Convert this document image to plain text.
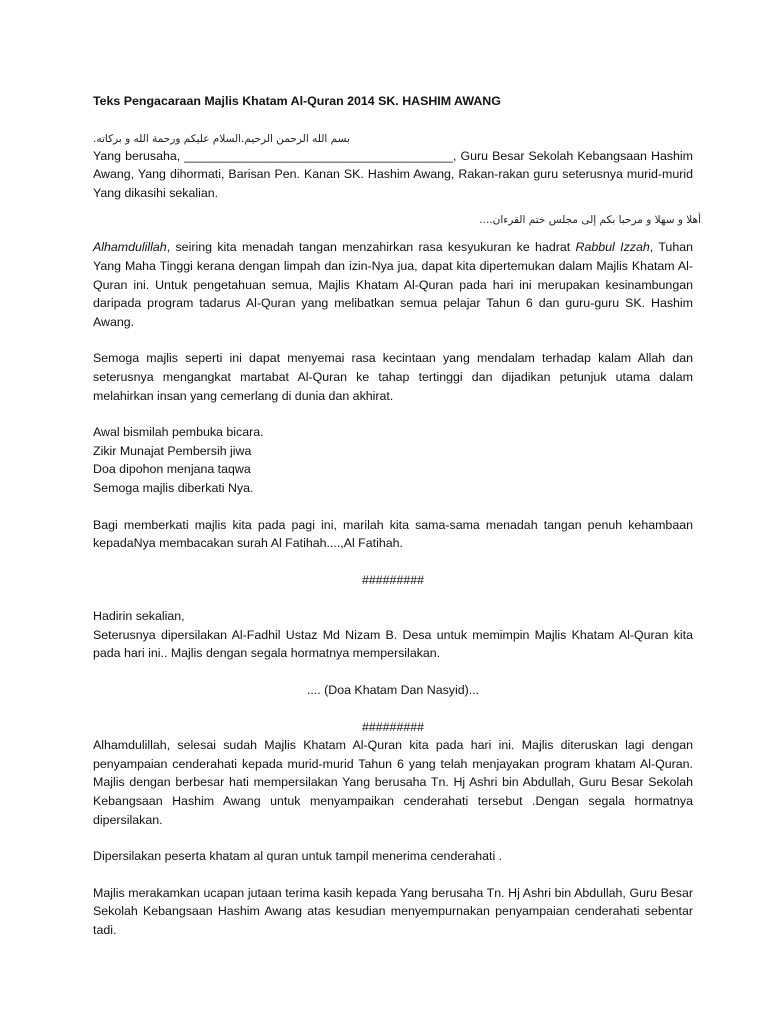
Teks Pengacaraan Majlis Khatam Al-Quran 2014 SK. HASHIM AWANG

بسم الله الرحمن الرحيم.السلام عليكم ورحمة الله و بركاته.

Yang berusaha, _______________________________________, Guru Besar Sekolah Kebangsaan Hashim Awang, Yang dihormati, Barisan Pen. Kanan SK. Hashim Awang, Rakan-rakan guru seterusnya murid-murid Yang dikasihi sekalian.

أهلا و سهلا و مرحبا بكم إلى مجلس ختم القرءان....

Alhamdulillah, seiring kita menadah tangan menzahirkan rasa kesyukuran ke hadrat Rabbul Izzah, Tuhan Yang Maha Tinggi kerana dengan limpah dan izin-Nya jua, dapat kita dipertemukan dalam Majlis Khatam Al-Quran ini. Untuk pengetahuan semua, Majlis Khatam Al-Quran pada hari ini merupakan kesinambungan daripada program tadarus Al-Quran yang melibatkan semua pelajar Tahun 6 dan guru-guru SK. Hashim Awang.

Semoga majlis seperti ini dapat menyemai rasa kecintaan yang mendalam terhadap kalam Allah dan seterusnya mengangkat martabat Al-Quran ke tahap tertinggi dan dijadikan petunjuk utama dalam melahirkan insan yang cemerlang di dunia dan akhirat.

Awal bismilah pembuka bicara.

Zikir Munajat Pembersih jiwa

Doa dipohon menjana taqwa

Semoga majlis diberkati Nya.

Bagi memberkati majlis kita pada pagi ini, marilah kita sama-sama menadah tangan penuh kehambaan kepadaNya membacakan surah Al Fatihah....,Al Fatihah.

#########

Hadirin sekalian,

Seterusnya dipersilakan Al-Fadhil Ustaz Md Nizam B. Desa untuk memimpin Majlis Khatam Al-Quran kita pada hari ini.. Majlis dengan segala hormatnya mempersilakan.

.... (Doa Khatam Dan Nasyid)...

#########

Alhamdulillah, selesai sudah Majlis Khatam Al-Quran kita pada hari ini. Majlis diteruskan lagi dengan penyampaian cenderahati kepada murid-murid Tahun 6 yang telah menjayakan program khatam Al-Quran. Majlis dengan berbesar hati mempersilakan Yang berusaha Tn. Hj Ashri bin Abdullah, Guru Besar Sekolah Kebangsaan Hashim Awang untuk menyampaikan cenderahati tersebut .Dengan segala hormatnya dipersilakan.

Dipersilakan peserta khatam al quran untuk tampil menerima cenderahati .

Majlis merakamkan ucapan jutaan terima kasih kepada Yang berusaha Tn. Hj Ashri bin Abdullah, Guru Besar Sekolah Kebangsaan Hashim Awang atas kesudian menyempurnakan penyampaian cenderahati sebentar tadi.
